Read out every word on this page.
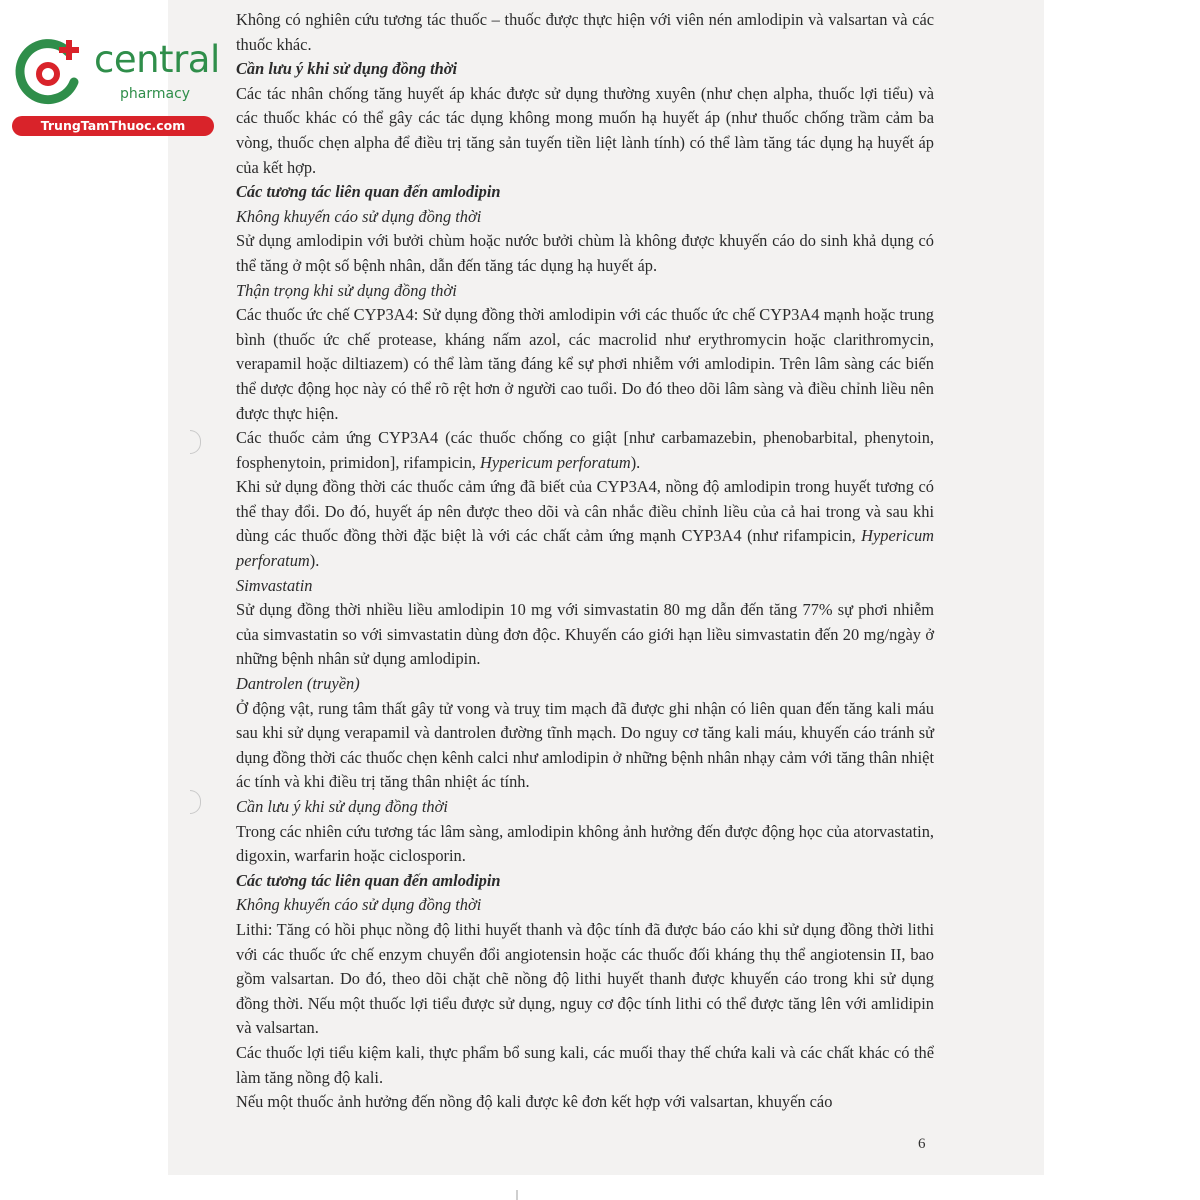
central
pharmacy
TrungTamThuoc.com

Không có nghiên cứu tương tác thuốc – thuốc được thực hiện với viên nén amlodipin và valsartan và các thuốc khác.

Cần lưu ý khi sử dụng đồng thời

Các tác nhân chống tăng huyết áp khác được sử dụng thường xuyên (như chẹn alpha, thuốc lợi tiểu) và các thuốc khác có thể gây các tác dụng không mong muốn hạ huyết áp (như thuốc chống trầm cảm ba vòng, thuốc chẹn alpha để điều trị tăng sản tuyến tiền liệt lành tính) có thể làm tăng tác dụng hạ huyết áp của kết hợp.

Các tương tác liên quan đến amlodipin

Không khuyến cáo sử dụng đồng thời

Sử dụng amlodipin với bưởi chùm hoặc nước bưởi chùm là không được khuyến cáo do sinh khả dụng có thể tăng ở một số bệnh nhân, dẫn đến tăng tác dụng hạ huyết áp.

Thận trọng khi sử dụng đồng thời

Các thuốc ức chế CYP3A4: Sử dụng đồng thời amlodipin với các thuốc ức chế CYP3A4 mạnh hoặc trung bình (thuốc ức chế protease, kháng nấm azol, các macrolid như erythromycin hoặc clarithromycin, verapamil hoặc diltiazem) có thể làm tăng đáng kể sự phơi nhiễm với amlodipin. Trên lâm sàng các biến thể dược động học này có thể rõ rệt hơn ở người cao tuổi. Do đó theo dõi lâm sàng và điều chỉnh liều nên được thực hiện.

Các thuốc cảm ứng CYP3A4 (các thuốc chống co giật [như carbamazebin, phenobarbital, phenytoin, fosphenytoin, primidon], rifampicin, Hypericum perforatum).

Khi sử dụng đồng thời các thuốc cảm ứng đã biết của CYP3A4, nồng độ amlodipin trong huyết tương có thể thay đổi. Do đó, huyết áp nên được theo dõi và cân nhắc điều chỉnh liều của cả hai trong và sau khi dùng các thuốc đồng thời đặc biệt là với các chất cảm ứng mạnh CYP3A4 (như rifampicin, Hypericum perforatum).

Simvastatin

Sử dụng đồng thời nhiều liều amlodipin 10 mg với simvastatin 80 mg dẫn đến tăng 77% sự phơi nhiễm của simvastatin so với simvastatin dùng đơn độc. Khuyến cáo giới hạn liều simvastatin đến 20 mg/ngày ở những bệnh nhân sử dụng amlodipin.

Dantrolen (truyền)

Ở động vật, rung tâm thất gây tử vong và truỵ tim mạch đã được ghi nhận có liên quan đến tăng kali máu sau khi sử dụng verapamil và dantrolen đường tĩnh mạch. Do nguy cơ tăng kali máu, khuyến cáo tránh sử dụng đồng thời các thuốc chẹn kênh calci như amlodipin ở những bệnh nhân nhạy cảm với tăng thân nhiệt ác tính và khi điều trị tăng thân nhiệt ác tính.

Cần lưu ý khi sử dụng đồng thời

Trong các nhiên cứu tương tác lâm sàng, amlodipin không ảnh hưởng đến được động học của atorvastatin, digoxin, warfarin hoặc ciclosporin.

Các tương tác liên quan đến amlodipin

Không khuyến cáo sử dụng đồng thời

Lithi: Tăng có hồi phục nồng độ lithi huyết thanh và độc tính đã được báo cáo khi sử dụng đồng thời lithi với các thuốc ức chế enzym chuyển đổi angiotensin hoặc các thuốc đối kháng thụ thể angiotensin II, bao gồm valsartan. Do đó, theo dõi chặt chẽ nồng độ lithi huyết thanh được khuyến cáo trong khi sử dụng đồng thời. Nếu một thuốc lợi tiểu được sử dụng, nguy cơ độc tính lithi có thể được tăng lên với amlidipin và valsartan.

Các thuốc lợi tiểu kiệm kali, thực phẩm bổ sung kali, các muối thay thế chứa kali và các chất khác có thể làm tăng nồng độ kali.

Nếu một thuốc ảnh hưởng đến nồng độ kali được kê đơn kết hợp với valsartan, khuyến cáo

6
